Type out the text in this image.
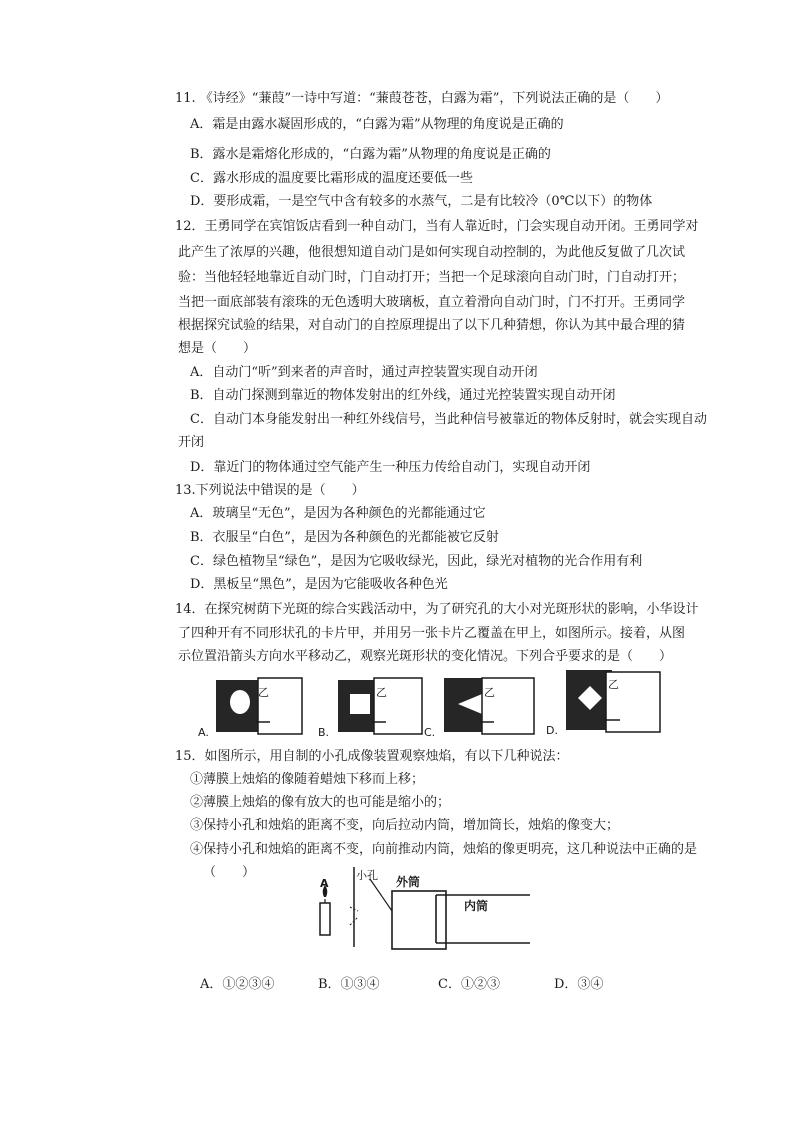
11. 《诗经》“蒹葭”一诗中写道：“蒹葭苍苍，白露为霜”，下列说法正确的是（　　）
A．霜是由露水凝固形成的，“白露为霜”从物理的角度说是正确的
B．露水是霜熔化形成的，“白露为霜”从物理的角度说是正确的
C．露水形成的温度要比霜形成的温度还要低一些
D．要形成霜，一是空气中含有较多的水蒸气，二是有比较冷（0℃以下）的物体
12．王勇同学在宾馆饭店看到一种自动门，当有人靠近时，门会实现自动开闭。王勇同学对
此产生了浓厚的兴趣，他很想知道自动门是如何实现自动控制的，为此他反复做了几次试
验：当他轻轻地靠近自动门时，门自动打开；当把一个足球滚向自动门时，门自动打开；
当把一面底部装有滚珠的无色透明大玻璃板，直立着滑向自动门时，门不打开。王勇同学
根据探究试验的结果，对自动门的自控原理提出了以下几种猜想，你认为其中最合理的猜
想是（　　）
A．自动门“听”到来者的声音时，通过声控装置实现自动开闭
B．自动门探测到靠近的物体发射出的红外线，通过光控装置实现自动开闭
C．自动门本身能发射出一种红外线信号，当此种信号被靠近的物体反射时，就会实现自动
开闭
D．靠近门的物体通过空气能产生一种压力传给自动门，实现自动开闭
13.下列说法中错误的是（　　）
A．玻璃呈“无色”，是因为各种颜色的光都能通过它
B．衣服呈“白色”，是因为各种颜色的光都能被它反射
C．绿色植物呈“绿色”，是因为它吸收绿光，因此，绿光对植物的光合作用有利
D．黑板呈“黑色”，是因为它能吸收各种色光
14．在探究树荫下光斑的综合实践活动中，为了研究孔的大小对光斑形状的影响，小华设计
了四种开有不同形状孔的卡片甲，并用另一张卡片乙覆盖在甲上，如图所示。接着，从图
示位置沿箭头方向水平移动乙，观察光斑形状的变化情况。下列合乎要求的是（　　）
乙
A.
乙
B.
乙
C.
乙
D.
15．如图所示，用自制的小孔成像装置观察烛焰，有以下几种说法：
①薄膜上烛焰的像随着蜡烛下移而上移；
②薄膜上烛焰的像有放大的也可能是缩小的；
③保持小孔和烛焰的距离不变，向后拉动内筒，增加筒长，烛焰的像变大；
④保持小孔和烛焰的距离不变，向前推动内筒，烛焰的像更明亮，这几种说法中正确的是
（　　）
A
小孔 外筒
内筒
A．①②③④	B．①③④	C．①②③	D．③④
